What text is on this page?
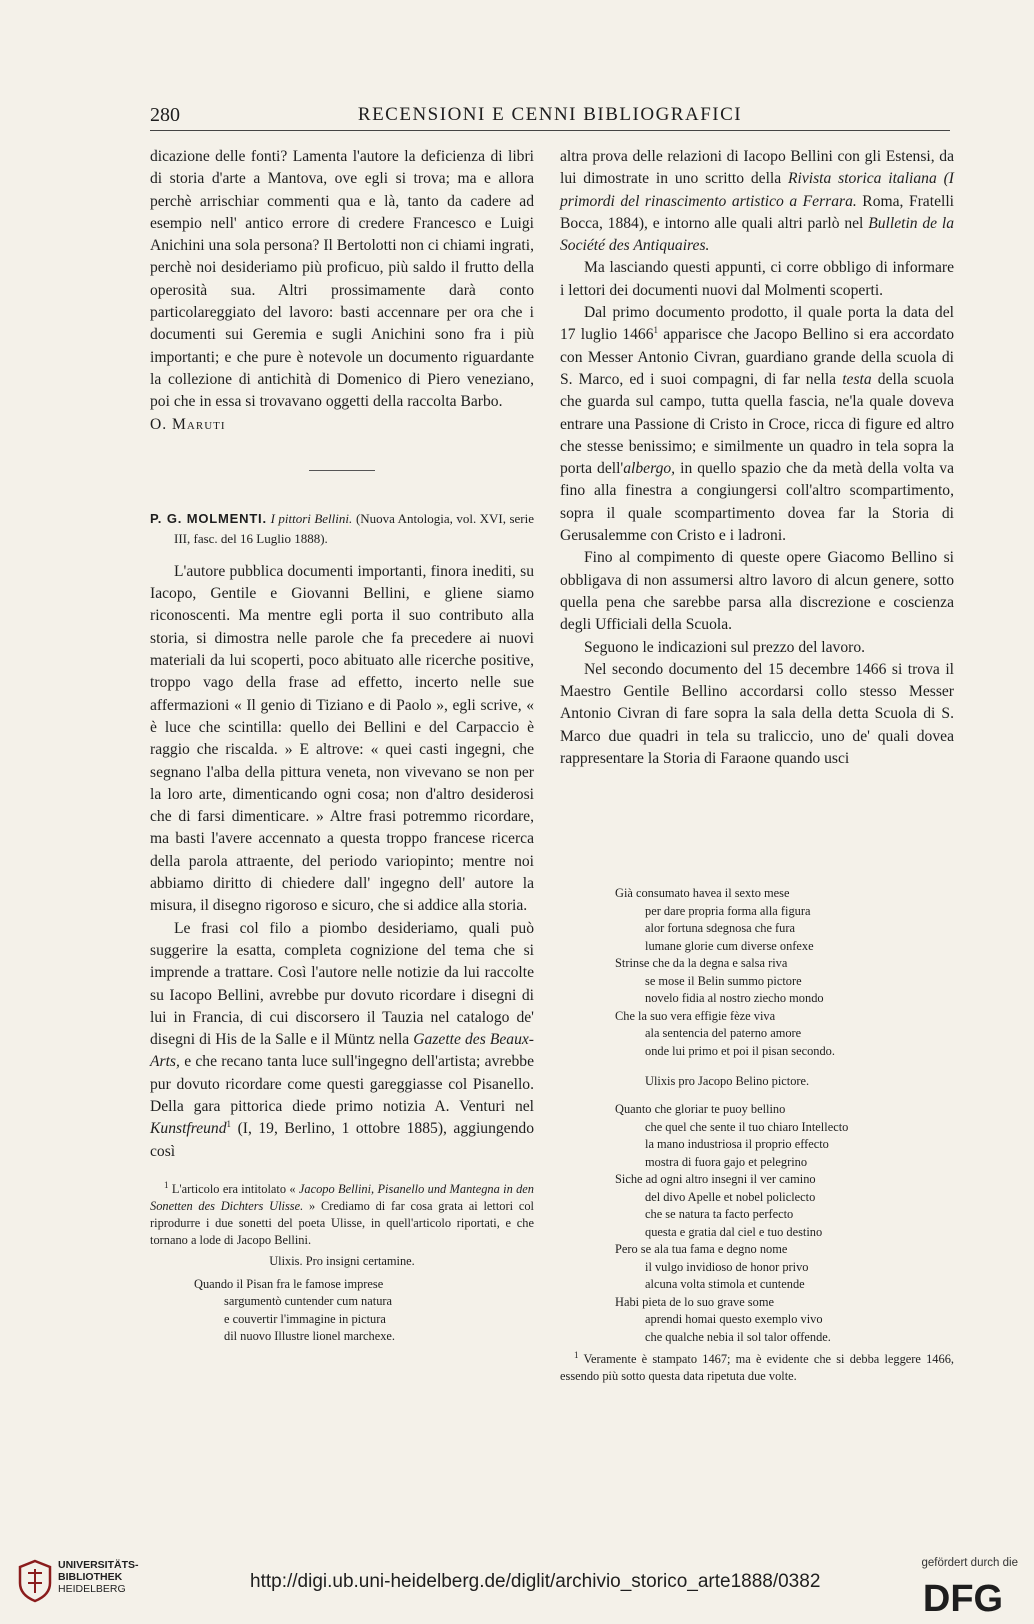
280	RECENSIONI E CENNI BIBLIOGRAFICI

dicazione delle fonti? Lamenta l'autore la deficienza di libri di storia d'arte a Mantova, ove egli si trova; ma e allora perchè arrischiar commenti qua e là, tanto da cadere ad esempio nell' antico errore di credere Francesco e Luigi Anichini una sola persona? Il Bertolotti non ci chiami ingrati, perchè noi desideriamo più proficuo, più saldo il frutto della operosità sua. Altri prossimamente darà conto particolareggiato del lavoro: basti accennare per ora che i documenti sui Geremia e sugli Anichini sono fra i più importanti; e che pure è notevole un documento riguardante la collezione di antichità di Domenico di Piero veneziano, poi che in essa si trovavano oggetti della raccolta Barbo.

O. Maruti

P. G. MOLMENTI. I pittori Bellini. (Nuova Antologia, vol. XVI, serie III, fasc. del 16 Luglio 1888).

L'autore pubblica documenti importanti, finora inediti, su Iacopo, Gentile e Giovanni Bellini, e gliene siamo riconoscenti. Ma mentre egli porta il suo contributo alla storia, si dimostra nelle parole che fa precedere ai nuovi materiali da lui scoperti, poco abituato alle ricerche positive, troppo vago della frase ad effetto, incerto nelle sue affermazioni « Il genio di Tiziano e di Paolo », egli scrive, « è luce che scintilla: quello dei Bellini e del Carpaccio è raggio che riscalda. » E altrove: « quei casti ingegni, che segnano l'alba della pittura veneta, non vivevano se non per la loro arte, dimenticando ogni cosa; non d'altro desiderosi che di farsi dimenticare. » Altre frasi potremmo ricordare, ma basti l'avere accennato a questa troppo francese ricerca della parola attraente, del periodo variopinto; mentre noi abbiamo diritto di chiedere dall' ingegno dell' autore la misura, il disegno rigoroso e sicuro, che si addice alla storia.

Le frasi col filo a piombo desideriamo, quali può suggerire la esatta, completa cognizione del tema che si imprende a trattare. Così l'autore nelle notizie da lui raccolte su Iacopo Bellini, avrebbe pur dovuto ricordare i disegni di lui in Francia, di cui discorsero il Tauzia nel catalogo de' disegni di His de la Salle e il Müntz nella Gazette des Beaux-Arts, e che recano tanta luce sull'ingegno dell'artista; avrebbe pur dovuto ricordare come questi gareggiasse col Pisanello. Della gara pittorica diede primo notizia A. Venturi nel Kunstfreund$^1$ (I, 19, Berlino, 1 ottobre 1885), aggiungendo così

$^1$ L'articolo era intitolato « Jacopo Bellini, Pisanello und Mantegna in den Sonetten des Dichters Ulisse. » Crediamo di far cosa grata ai lettori col riprodurre i due sonetti del poeta Ulisse, in quell'articolo riportati, e che tornano a lode di Jacopo Bellini.

Ulixis. Pro insigni certamine.
Quando il Pisan fra le famose imprese
sargumentò cuntender cum natura
e couvertir l'immagine in pictura
dil nuovo Illustre lionel marchexe.

altra prova delle relazioni di Iacopo Bellini con gli Estensi, da lui dimostrate in uno scritto della Rivista storica italiana (I primordi del rinascimento artistico a Ferrara. Roma, Fratelli Bocca, 1884), e intorno alle quali altri parlò nel Bulletin de la Société des Antiquaires.

Ma lasciando questi appunti, ci corre obbligo di informare i lettori dei documenti nuovi dal Molmenti scoperti.

Dal primo documento prodotto, il quale porta la data del 17 luglio 1466$^1$ apparisce che Jacopo Bellino si era accordato con Messer Antonio Civran, guardiano grande della scuola di S. Marco, ed i suoi compagni, di far nella testa della scuola che guarda sul campo, tutta quella fascia, ne'la quale doveva entrare una Passione di Cristo in Croce, ricca di figure ed altro che stesse benissimo; e similmente un quadro in tela sopra la porta dell'albergo, in quello spazio che da metà della volta va fino alla finestra a congiungersi coll'altro scompartimento, sopra il quale scompartimento dovea far la Storia di Gerusalemme con Cristo e i ladroni.

Fino al compimento di queste opere Giacomo Bellino si obbligava di non assumersi altro lavoro di alcun genere, sotto quella pena che sarebbe parsa alla discrezione e coscienza degli Ufficiali della Scuola.

Seguono le indicazioni sul prezzo del lavoro.

Nel secondo documento del 15 decembre 1466 si trova il Maestro Gentile Bellino accordarsi collo stesso Messer Antonio Civran di fare sopra la sala della detta Scuola di S. Marco due quadri in tela su traliccio, uno de' quali dovea rappresentare la Storia di Faraone quando usci

Già consumato havea il sexto mese
per dare propria forma alla figura
alor fortuna sdegnosa che fura
lumane glorie cum diverse onfexe
Strinse che da la degna e salsa riva
se mose il Belin summo pictore
novelo fidia al nostro ziecho mondo
Che la suo vera effigie fèze viva
ala sentencia del paterno amore
onde lui primo et poi il pisan secondo.
Ulixis pro Jacopo Belino pictore.
Quanto che gloriar te puoy bellino
che quel che sente il tuo chiaro Intellecto
la mano industriosa il proprio effecto
mostra di fuora gajo et pelegrino
Siche ad ogni altro insegni il ver camino
del divo Apelle et nobel policlecto
che se natura ta facto perfecto
questa e gratia dal ciel e tuo destino
Pero se ala tua fama e degno nome
il vulgo invidioso de honor privo
alcuna volta stimola et cuntende
Habi pieta de lo suo grave some
aprendi homai questo exemplo vivo
che qualche nebia il sol talor offende.

$^1$ Veramente è stampato 1467; ma è evidente che si debba leggere 1466, essendo più sotto questa data ripetuta due volte.

UNIVERSITÄTS-
BIBLIOTHEK
HEIDELBERG	http://digi.ub.uni-heidelberg.de/diglit/archivio_storico_arte1888/0382
gefördert durch die
DFG
